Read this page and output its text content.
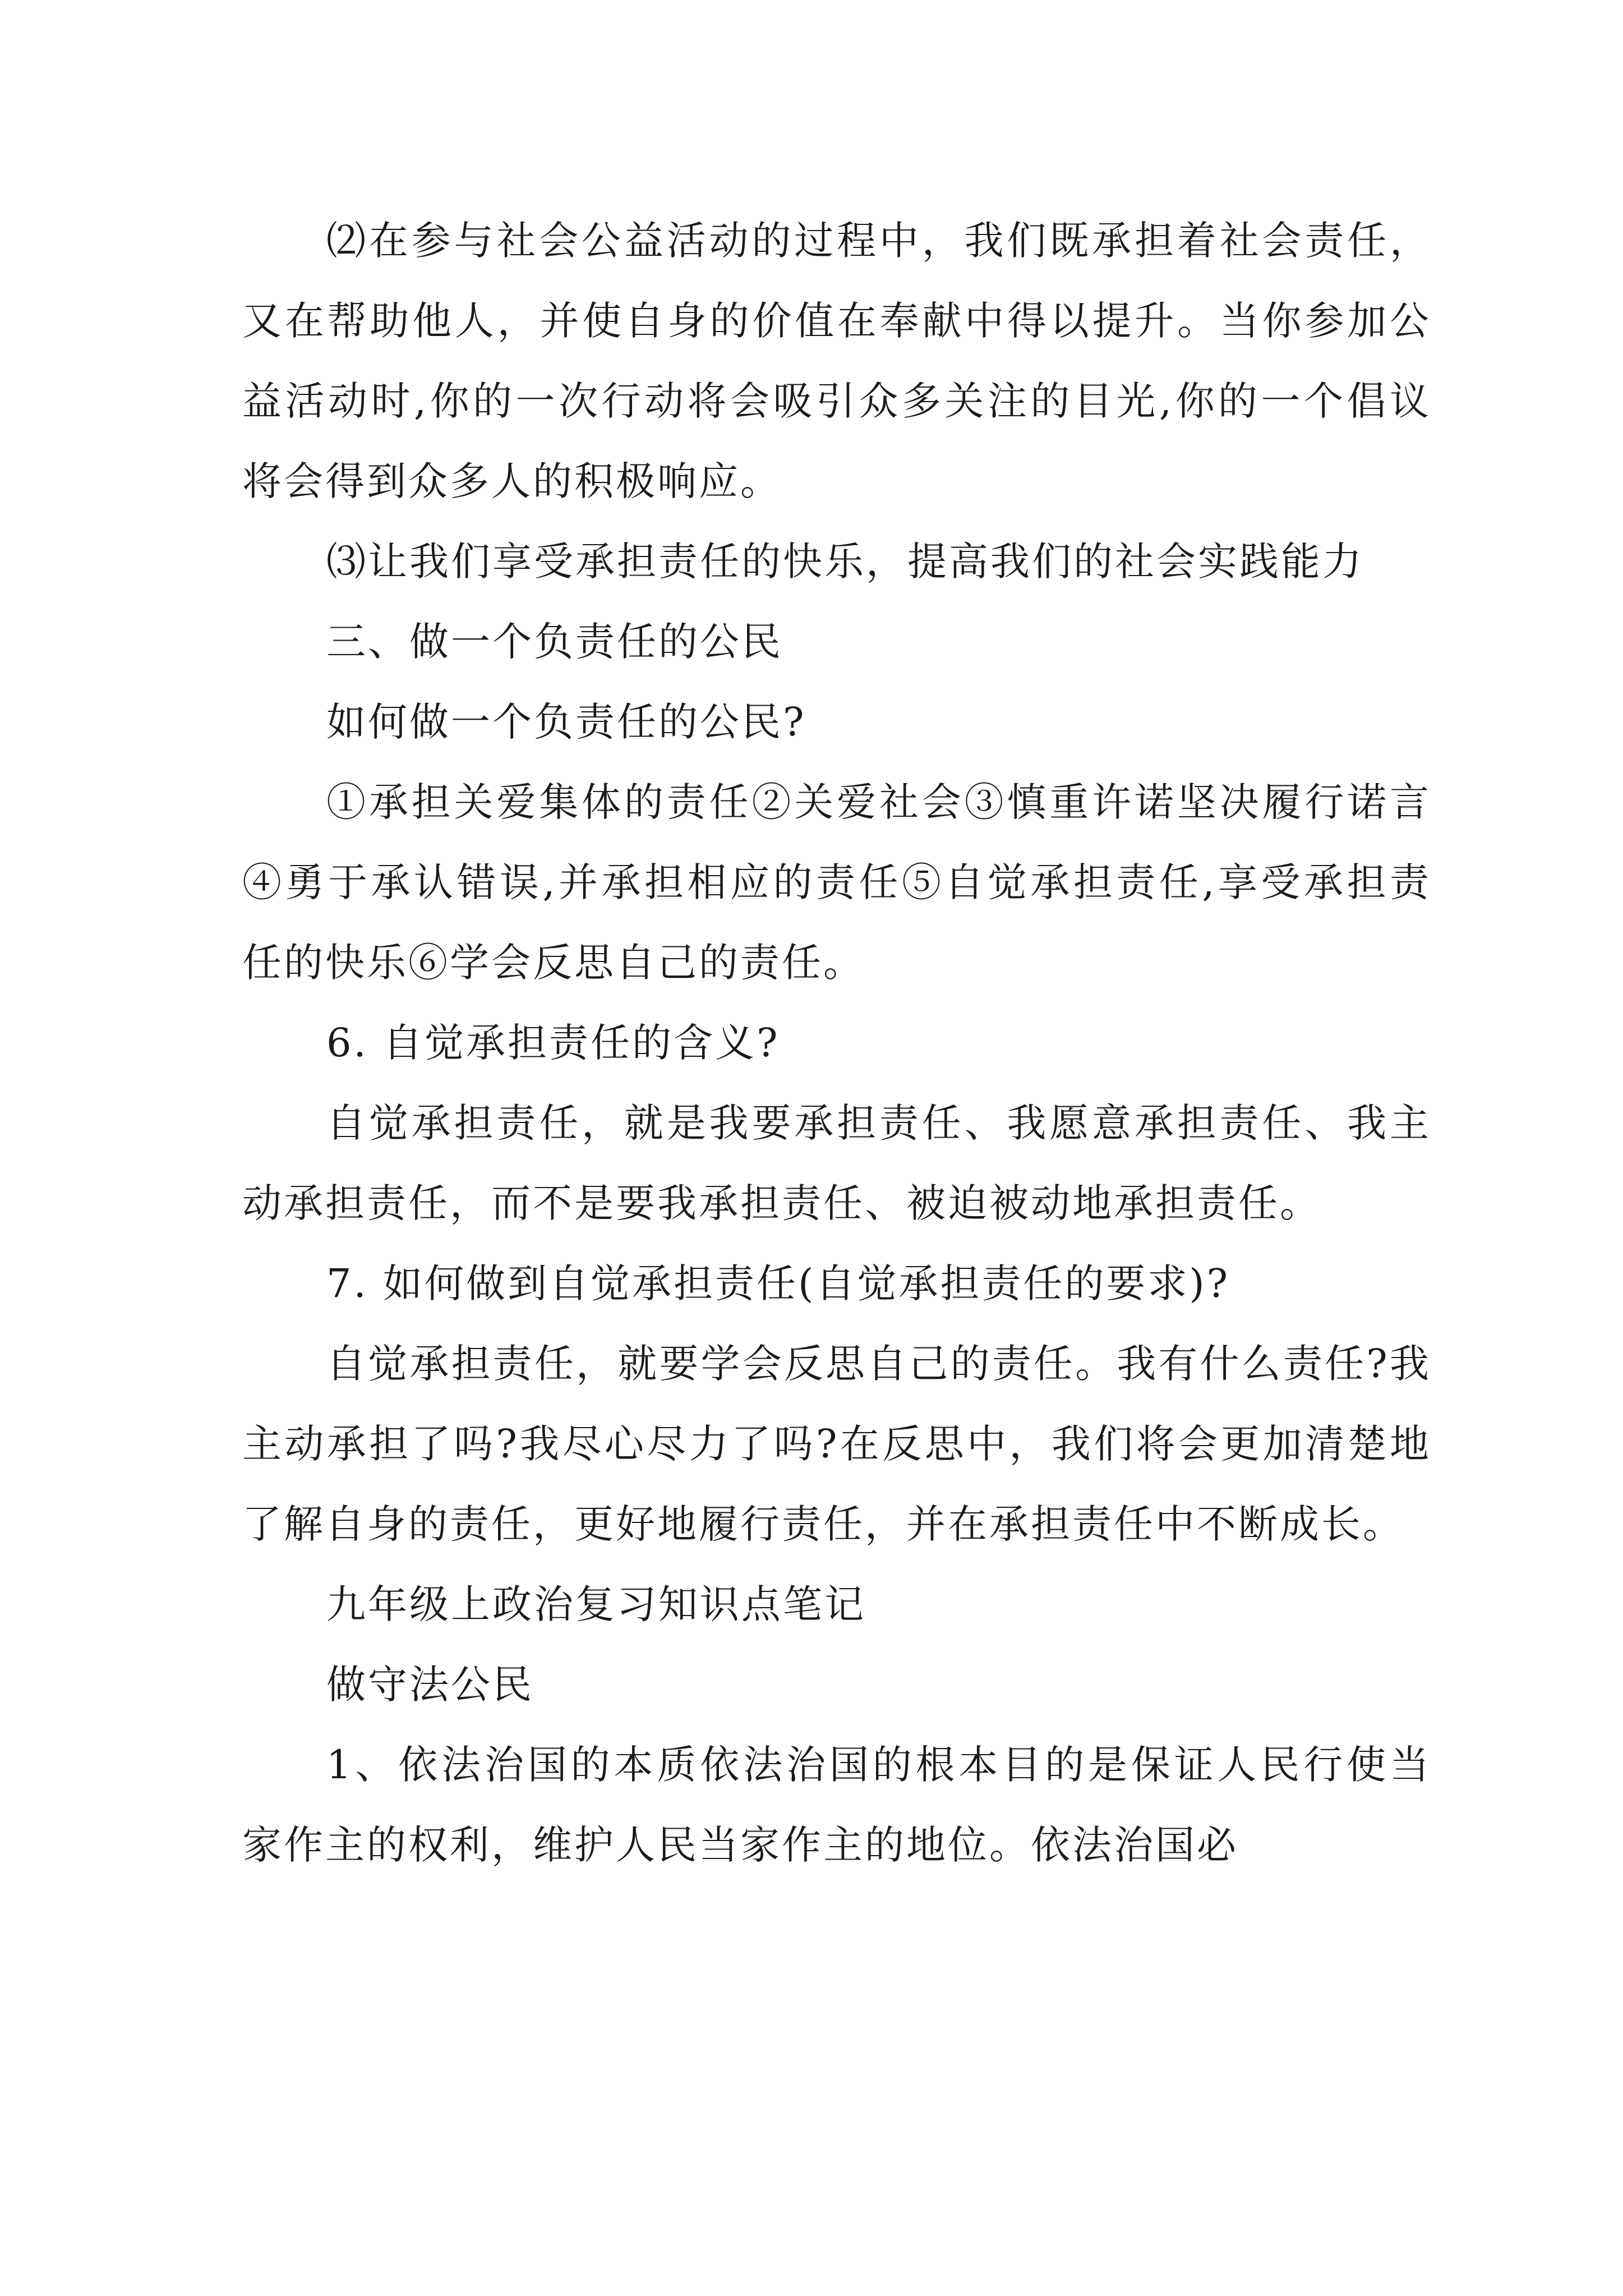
⑵在参与社会公益活动的过程中，我们既承担着社会责任，又在帮助他人，并使自身的价值在奉献中得以提升。当你参加公益活动时,你的一次行动将会吸引众多关注的目光,你的一个倡议将会得到众多人的积极响应。

⑶让我们享受承担责任的快乐，提高我们的社会实践能力

三、做一个负责任的公民

如何做一个负责任的公民?

①承担关爱集体的责任②关爱社会③慎重许诺坚决履行诺言④勇于承认错误,并承担相应的责任⑤自觉承担责任,享受承担责任的快乐⑥学会反思自己的责任。

6. 自觉承担责任的含义?

自觉承担责任，就是我要承担责任、我愿意承担责任、我主动承担责任，而不是要我承担责任、被迫被动地承担责任。

7. 如何做到自觉承担责任(自觉承担责任的要求)?

自觉承担责任，就要学会反思自己的责任。我有什么责任?我主动承担了吗?我尽心尽力了吗?在反思中，我们将会更加清楚地了解自身的责任，更好地履行责任，并在承担责任中不断成长。

九年级上政治复习知识点笔记

做守法公民

1、依法治国的本质依法治国的根本目的是保证人民行使当家作主的权利，维护人民当家作主的地位。依法治国必
